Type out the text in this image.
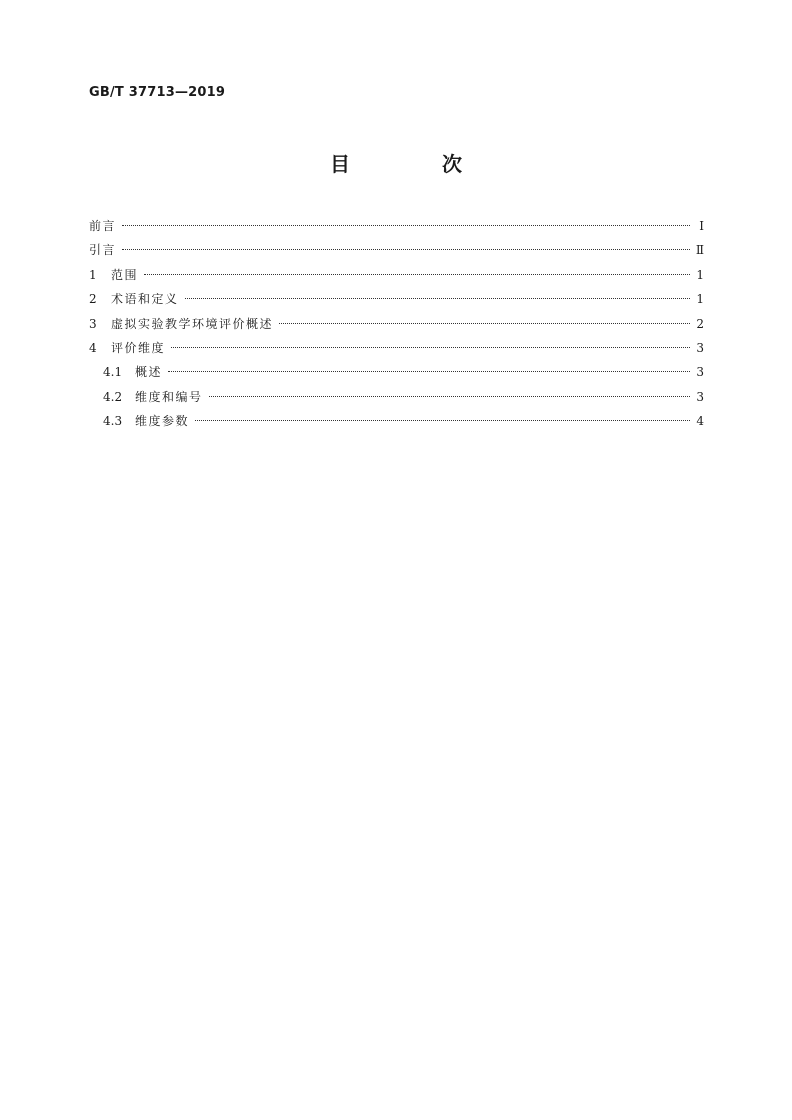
GB/T 37713—2019
目　次
前言	Ⅰ
引言	Ⅱ
1	范围	1
2	术语和定义	1
3	虚拟实验教学环境评价概述	2
4	评价维度	3
4.1	概述	3
4.2	维度和编号	3
4.3	维度参数	4
